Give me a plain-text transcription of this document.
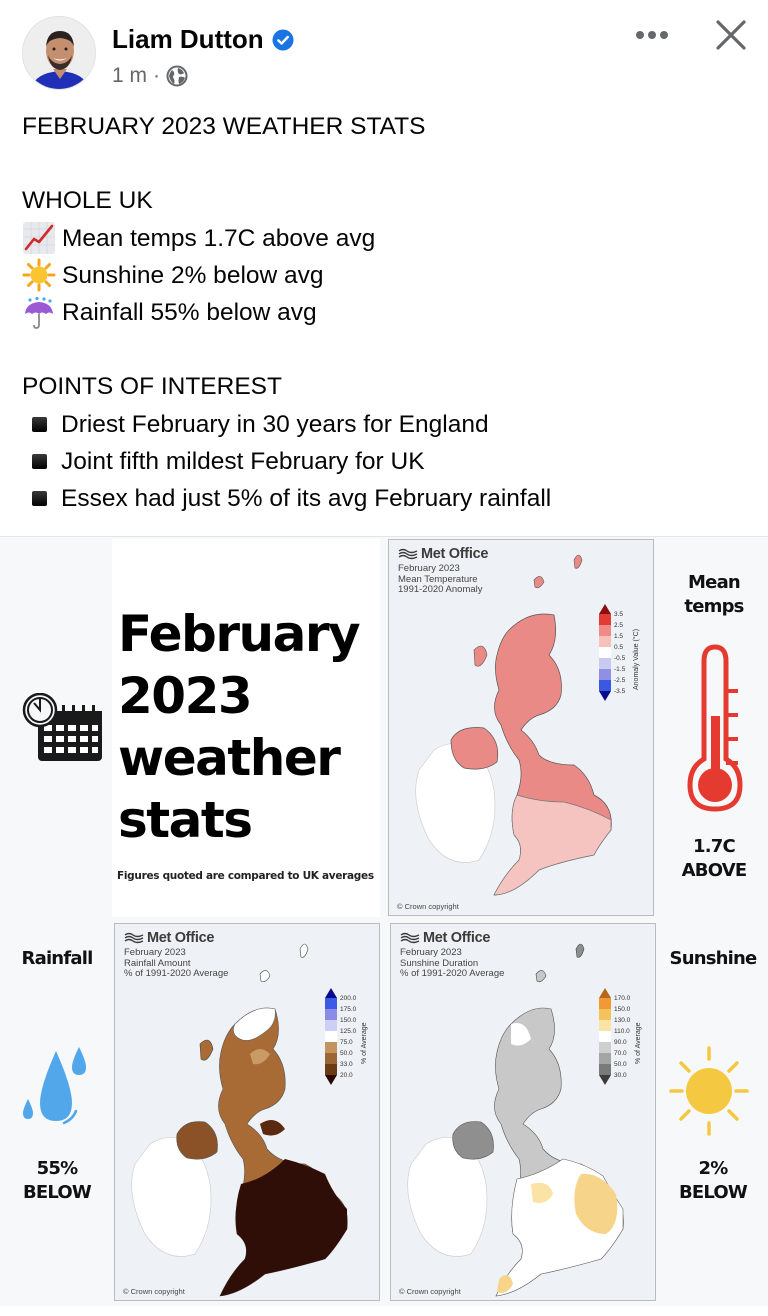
Liam Dutton
1 m ·
FEBRUARY 2023 WEATHER STATS
WHOLE UK
Mean temps 1.7C above avg
Sunshine 2% below avg
Rainfall 55% below avg
POINTS OF INTEREST
Driest February in 30 years for England
Joint fifth mildest February for UK
Essex had just 5% of its avg February rainfall
February
2023
weather
stats
Figures quoted are compared to UK averages
Met Office
February 2023
Mean Temperature
1991-2020 Anomaly
3.5
2.5
1.5
0.5
-0.5
-1.5
-2.5
-3.5
Anomaly Value (°C)
© Crown copyright
Mean
temps
1.7C
ABOVE
Met Office
February 2023
Rainfall Amount
% of 1991-2020 Average
200.0
175.0
150.0
125.0
75.0
50.0
33.0
20.0
% of Average
© Crown copyright
Rainfall
55%
BELOW
Met Office
February 2023
Sunshine Duration
% of 1991-2020 Average
170.0
150.0
130.0
110.0
90.0
70.0
50.0
30.0
% of Average
© Crown copyright
Sunshine
2%
BELOW
